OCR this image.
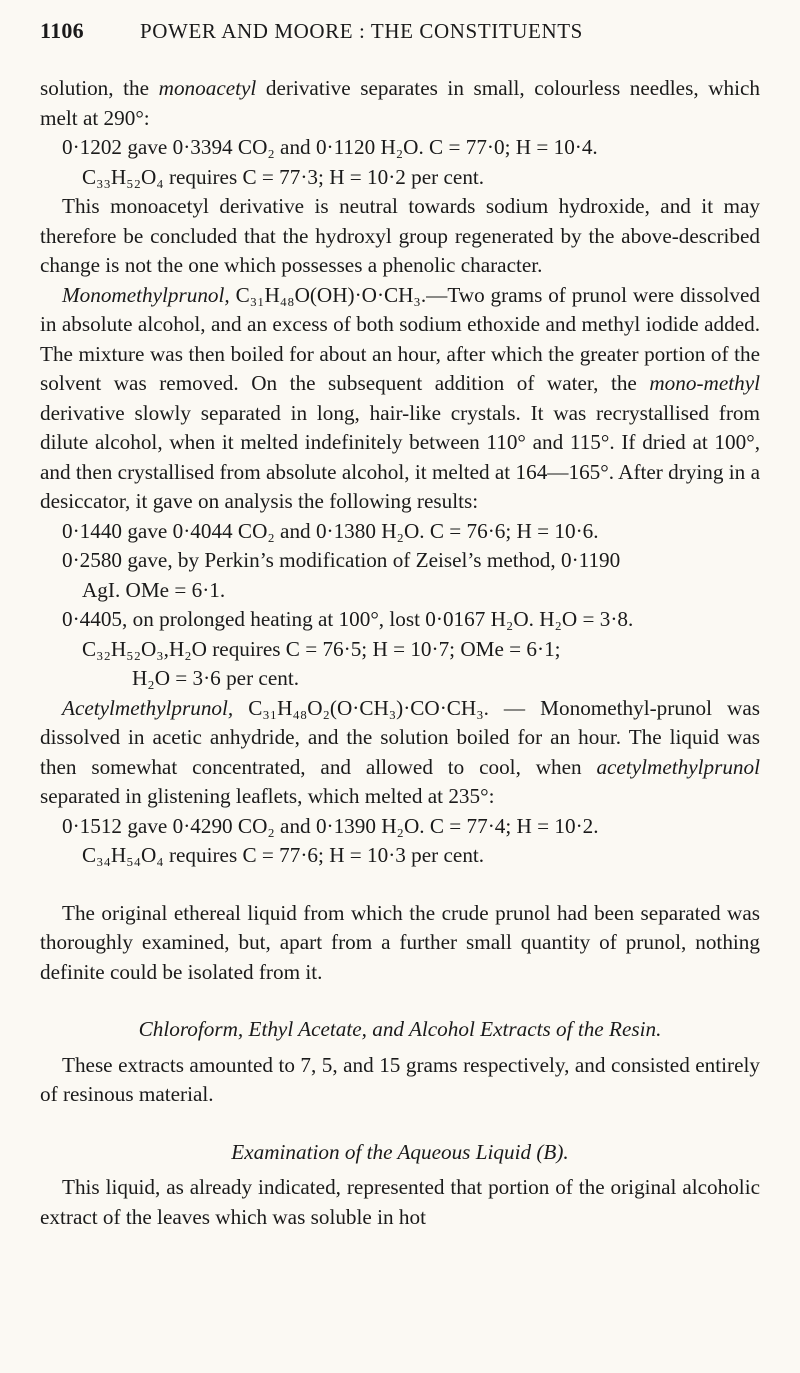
1106	POWER AND MOORE : THE CONSTITUENTS

solution, the monoacetyl derivative separates in small, colourless needles, which melt at 290°:

0·1202 gave 0·3394 CO₂ and 0·1120 H₂O. C = 77·0; H = 10·4.

C₃₃H₅₂O₄ requires C = 77·3; H = 10·2 per cent.

This monoacetyl derivative is neutral towards sodium hydroxide, and it may therefore be concluded that the hydroxyl group regenerated by the above-described change is not the one which possesses a phenolic character.

Monomethylprunol, C₃₁H₄₈O(OH)·O·CH₃.—Two grams of prunol were dissolved in absolute alcohol, and an excess of both sodium ethoxide and methyl iodide added. The mixture was then boiled for about an hour, after which the greater portion of the solvent was removed. On the subsequent addition of water, the mono-methyl derivative slowly separated in long, hair-like crystals. It was recrystallised from dilute alcohol, when it melted indefinitely between 110° and 115°. If dried at 100°, and then crystallised from absolute alcohol, it melted at 164—165°. After drying in a desiccator, it gave on analysis the following results:

0·1440 gave 0·4044 CO₂ and 0·1380 H₂O. C = 76·6; H = 10·6.

0·2580 gave, by Perkin’s modification of Zeisel’s method, 0·1190

AgI. OMe = 6·1.

0·4405, on prolonged heating at 100°, lost 0·0167 H₂O. H₂O = 3·8.

C₃₂H₅₂O₃,H₂O requires C = 76·5; H = 10·7; OMe = 6·1;

H₂O = 3·6 per cent.

Acetylmethylprunol, C₃₁H₄₈O₂(O·CH₃)·CO·CH₃. — Monomethyl-prunol was dissolved in acetic anhydride, and the solution boiled for an hour. The liquid was then somewhat concentrated, and allowed to cool, when acetylmethylprunol separated in glistening leaflets, which melted at 235°:

0·1512 gave 0·4290 CO₂ and 0·1390 H₂O. C = 77·4; H = 10·2.

C₃₄H₅₄O₄ requires C = 77·6; H = 10·3 per cent.

The original ethereal liquid from which the crude prunol had been separated was thoroughly examined, but, apart from a further small quantity of prunol, nothing definite could be isolated from it.

Chloroform, Ethyl Acetate, and Alcohol Extracts of the Resin.

These extracts amounted to 7, 5, and 15 grams respectively, and consisted entirely of resinous material.

Examination of the Aqueous Liquid (B).

This liquid, as already indicated, represented that portion of the original alcoholic extract of the leaves which was soluble in hot
